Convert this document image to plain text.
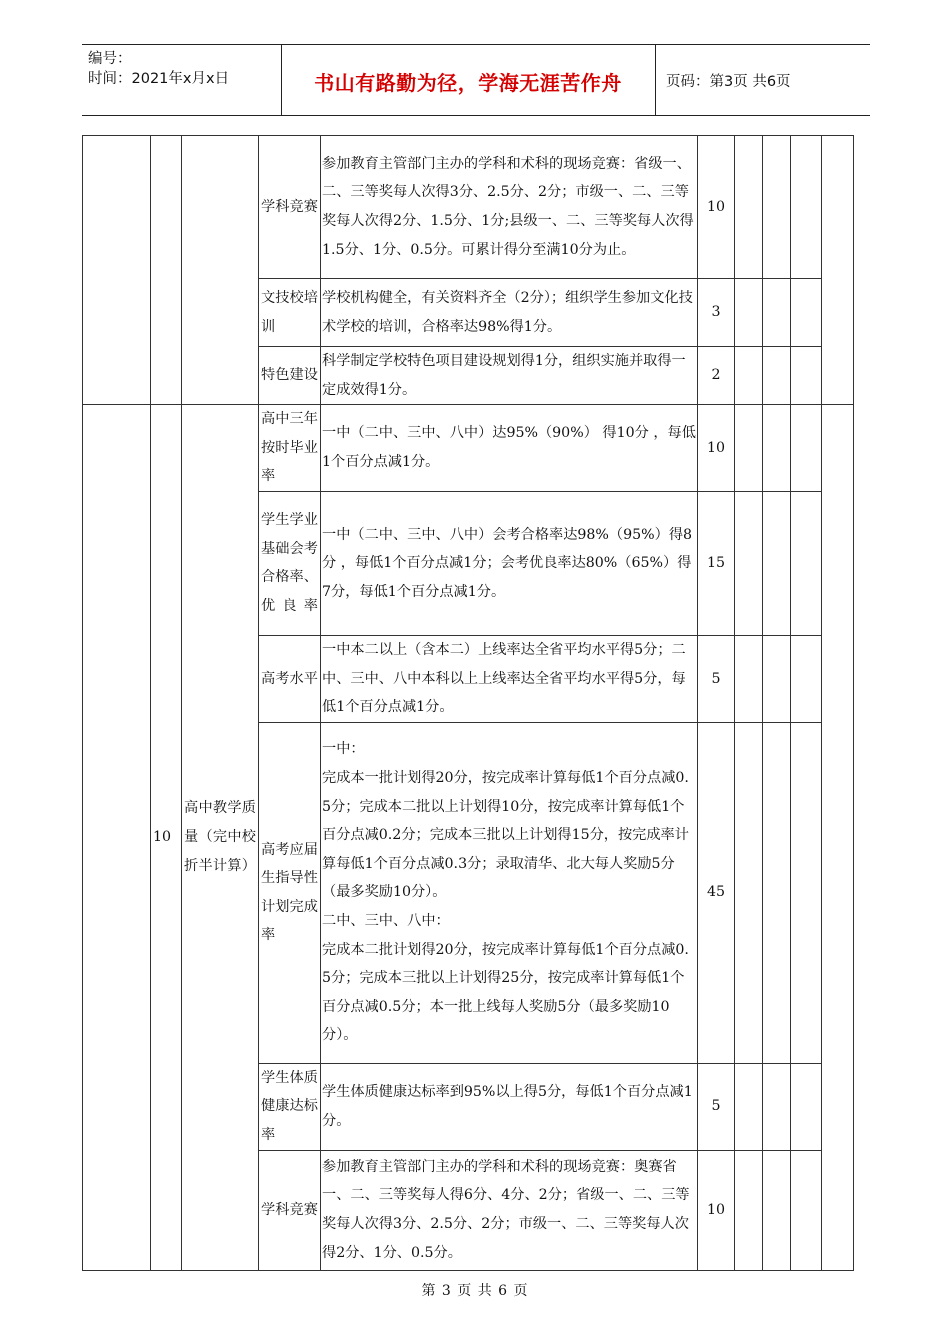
编号：
时间：2021年x月x日	书山有路勤为径，学海无涯苦作舟	页码：第3页 共6页
			学科竞赛	参加教育主管部门主办的学科和术科的现场竞赛：省级一、二、三等奖每人次得3分、2.5分、2分；市级一、二、三等奖每人次得2分、1.5分、1分;县级一、二、三等奖每人次得1.5分、1分、0.5分。可累计得分至满10分为止。	10				
			文技校培训	学校机构健全，有关资料齐全（2分）；组织学生参加文化技术学校的培训，合格率达98%得1分。	3				
			特色建设	科学制定学校特色项目建设规划得1分，组织实施并取得一定成效得1分。	2				
	10	高中教学质量（完中校折半计算）	高中三年按时毕业率	一中（二中、三中、八中）达95%（90%） 得10分 ，每低1个百分点减1分。	10				
			学生学业基础会考合格率、优良率	一中（二中、三中、八中）会考合格率达98%（95%）得8分 ，每低1个百分点减1分；会考优良率达80%（65%）得7分，每低1个百分点减1分。	15				
			高考水平	一中本二以上（含本二）上线率达全省平均水平得5分；二中、三中、八中本科以上上线率达全省平均水平得5分，每低1个百分点减1分。	5				
			高考应届生指导性计划完成率	一中：
完成本一批计划得20分，按完成率计算每低1个百分点减0.5分；完成本二批以上计划得10分，按完成率计算每低1个百分点减0.2分；完成本三批以上计划得15分，按完成率计算每低1个百分点减0.3分；录取清华、北大每人奖励5分（最多奖励10分）。
二中、三中、八中：
完成本二批计划得20分，按完成率计算每低1个百分点减0.5分；完成本三批以上计划得25分，按完成率计算每低1个百分点减0.5分；本一批上线每人奖励5分（最多奖励10分）。	45				
			学生体质健康达标率	学生体质健康达标率到95%以上得5分，每低1个百分点减1分。	5				
			学科竞赛	参加教育主管部门主办的学科和术科的现场竞赛：奥赛省一、二、三等奖每人得6分、4分、2分；省级一、二、三等奖每人次得3分、2.5分、2分；市级一、二、三等奖每人次得2分、1分、0.5分。	10				
第 3 页 共 6 页
